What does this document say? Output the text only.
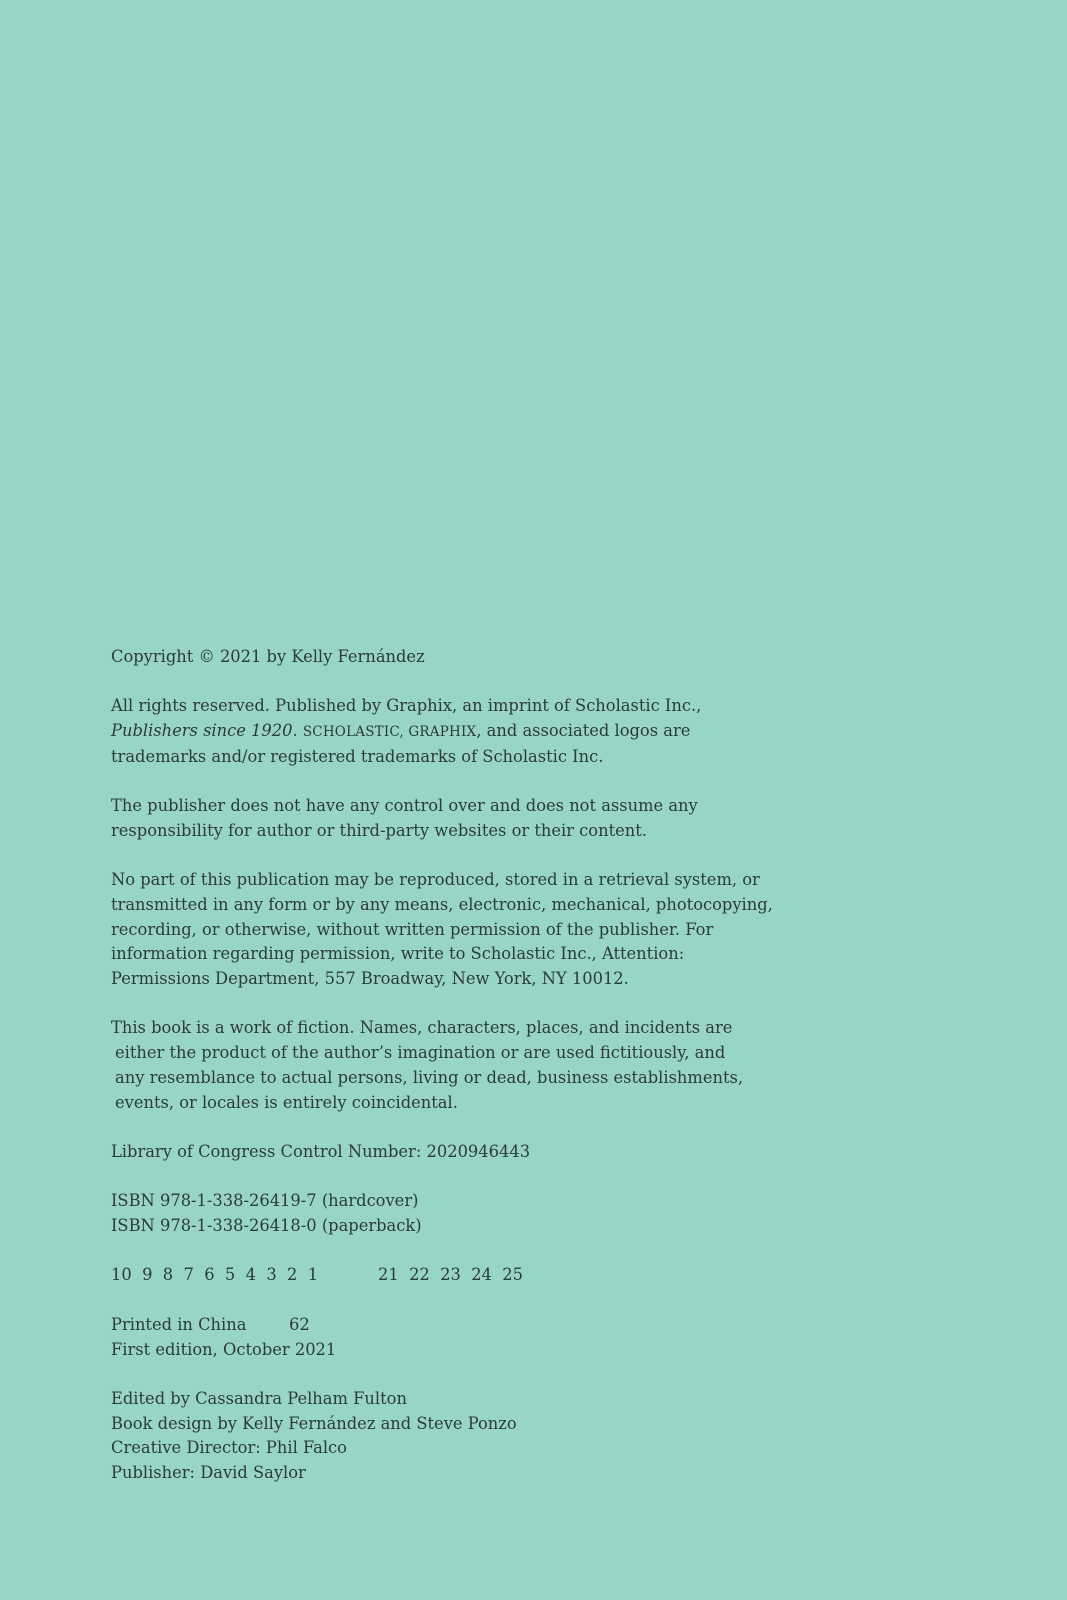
Copyright © 2021 by Kelly Fernández

All rights reserved. Published by Graphix, an imprint of Scholastic Inc.,
Publishers since 1920. SCHOLASTIC, GRAPHIX, and associated logos are
trademarks and/or registered trademarks of Scholastic Inc.

The publisher does not have any control over and does not assume any
responsibility for author or third-party websites or their content.

No part of this publication may be reproduced, stored in a retrieval system, or
transmitted in any form or by any means, electronic, mechanical, photocopying,
recording, or otherwise, without written permission of the publisher. For
information regarding permission, write to Scholastic Inc., Attention:
Permissions Department, 557 Broadway, New York, NY 10012.

This book is a work of fiction. Names, characters, places, and incidents are
either the product of the author’s imagination or are used fictitiously, and
any resemblance to actual persons, living or dead, business establishments,
events, or locales is entirely coincidental.

Library of Congress Control Number: 2020946443

ISBN 978-1-338-26419-7 (hardcover)
ISBN 978-1-338-26418-0 (paperback)

10  9  8  7  6  5  4  3  2  1	21  22  23  24  25

Printed in China	62
First edition, October 2021

Edited by Cassandra Pelham Fulton
Book design by Kelly Fernández and Steve Ponzo
Creative Director: Phil Falco
Publisher: David Saylor
